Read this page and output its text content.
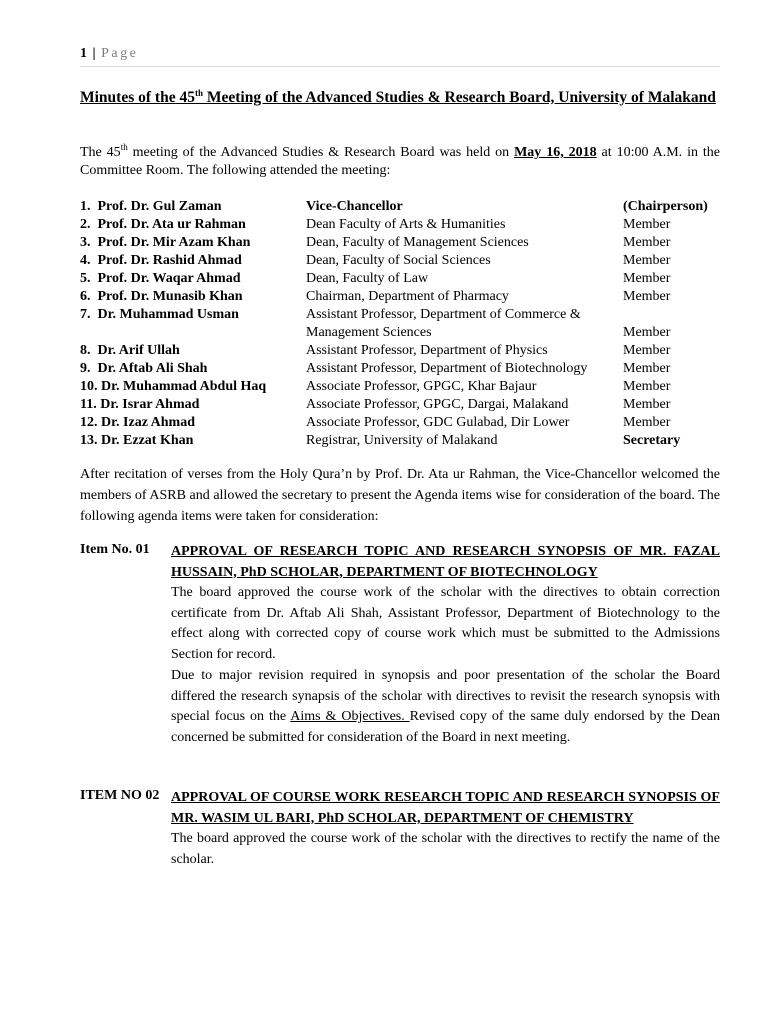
1 | Page
Minutes of the 45th Meeting of the Advanced Studies & Research Board, University of Malakand
The 45th meeting of the Advanced Studies & Research Board was held on May 16, 2018 at 10:00 A.M. in the Committee Room. The following attended the meeting:
1.  Prof. Dr. Gul Zaman	Vice-Chancellor	(Chairperson)
2.  Prof. Dr. Ata ur Rahman	Dean Faculty of Arts & Humanities	Member
3.  Prof. Dr. Mir Azam Khan	Dean, Faculty of Management Sciences	Member
4.  Prof. Dr. Rashid Ahmad	Dean, Faculty of Social Sciences	Member
5.  Prof. Dr. Waqar Ahmad	Dean, Faculty of Law	Member
6.  Prof. Dr. Munasib Khan	Chairman, Department of Pharmacy	Member
7.  Dr. Muhammad Usman	Assistant Professor, Department of Commerce & Management Sciences	Member
8.  Dr. Arif Ullah	Assistant Professor, Department of Physics	Member
9.  Dr. Aftab Ali Shah	Assistant Professor, Department of Biotechnology	Member
10. Dr. Muhammad Abdul Haq	Associate Professor, GPGC, Khar Bajaur	Member
11. Dr. Israr Ahmad	Associate Professor, GPGC, Dargai, Malakand	Member
12. Dr. Izaz Ahmad	Associate Professor, GDC Gulabad, Dir Lower	Member
13. Dr. Ezzat Khan	Registrar, University of Malakand	Secretary
After recitation of verses from the Holy Qura’n by Prof. Dr. Ata ur Rahman, the Vice-Chancellor welcomed the members of ASRB and allowed the secretary to present the Agenda items wise for consideration of the board. The following agenda items were taken for consideration:
Item No. 01 APPROVAL OF RESEARCH TOPIC AND RESEARCH SYNOPSIS OF MR. FAZAL HUSSAIN, PhD SCHOLAR, DEPARTMENT OF BIOTECHNOLOGY

The board approved the course work of the scholar with the directives to obtain correction certificate from Dr. Aftab Ali Shah, Assistant Professor, Department of Biotechnology to the effect along with corrected copy of course work which must be submitted to the Admissions Section for record.

Due to major revision required in synopsis and poor presentation of the scholar the Board differed the research synapsis of the scholar with directives to revisit the research synopsis with special focus on the Aims & Objectives. Revised copy of the same duly endorsed by the Dean concerned be submitted for consideration of the Board in next meeting.

ITEM NO 02 APPROVAL OF COURSE WORK RESEARCH TOPIC AND RESEARCH SYNOPSIS OF MR. WASIM UL BARI, PhD SCHOLAR, DEPARTMENT OF CHEMISTRY

The board approved the course work of the scholar with the directives to rectify the name of the scholar.
